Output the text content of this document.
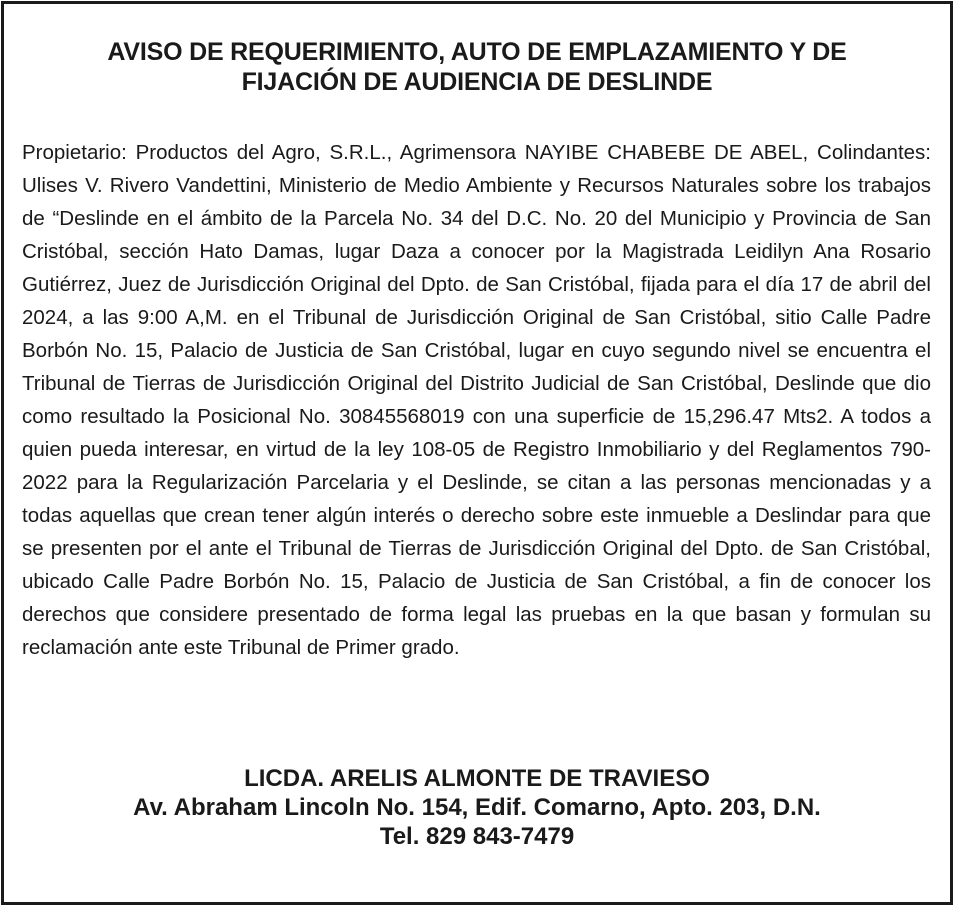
AVISO DE REQUERIMIENTO, AUTO DE EMPLAZAMIENTO Y DE
FIJACIÓN DE AUDIENCIA DE DESLINDE

Propietario: Productos del Agro, S.R.L., Agrimensora NAYIBE CHABEBE DE ABEL, Colindantes: Ulises V. Rivero Vandettini, Ministerio de Medio Ambiente y Recursos Naturales sobre los trabajos de “Deslinde en el ámbito de la Parcela No. 34 del D.C. No. 20 del Municipio y Provincia de San Cristóbal, sección Hato Damas, lugar Daza a conocer por la Magistrada Leidilyn Ana Rosario Gutiérrez, Juez de Jurisdicción Original del Dpto. de San Cristóbal, fijada para el día 17 de abril del 2024, a las 9:00 A,M. en el Tribunal de Jurisdicción Original de San Cristóbal, sitio Calle Padre Borbón No. 15, Palacio de Justicia de San Cristóbal, lugar en cuyo segundo nivel se encuentra el Tribunal de Tierras de Jurisdicción Original del Distrito Judicial de San Cristóbal, Deslinde que dio como resultado la Posicional No. 30845568019 con una superficie de 15,296.47 Mts2. A todos a quien pueda interesar, en virtud de la ley 108-05 de Registro Inmobiliario y del Reglamentos 790-2022 para la Regularización Parcelaria y el Deslinde, se citan a las personas mencionadas y a todas aquellas que crean tener algún interés o derecho sobre este inmueble a Deslindar para que se presenten por el ante el Tribunal de Tierras de Jurisdicción Original del Dpto. de San Cristóbal, ubicado Calle Padre Borbón No. 15, Palacio de Justicia de San Cristóbal, a fin de conocer los derechos que considere presentado de forma legal las pruebas en la que basan y formulan su reclamación ante este Tribunal de Primer grado.

LICDA. ARELIS ALMONTE DE TRAVIESO
Av. Abraham Lincoln No. 154, Edif. Comarno, Apto. 203, D.N.
Tel. 829 843-7479
